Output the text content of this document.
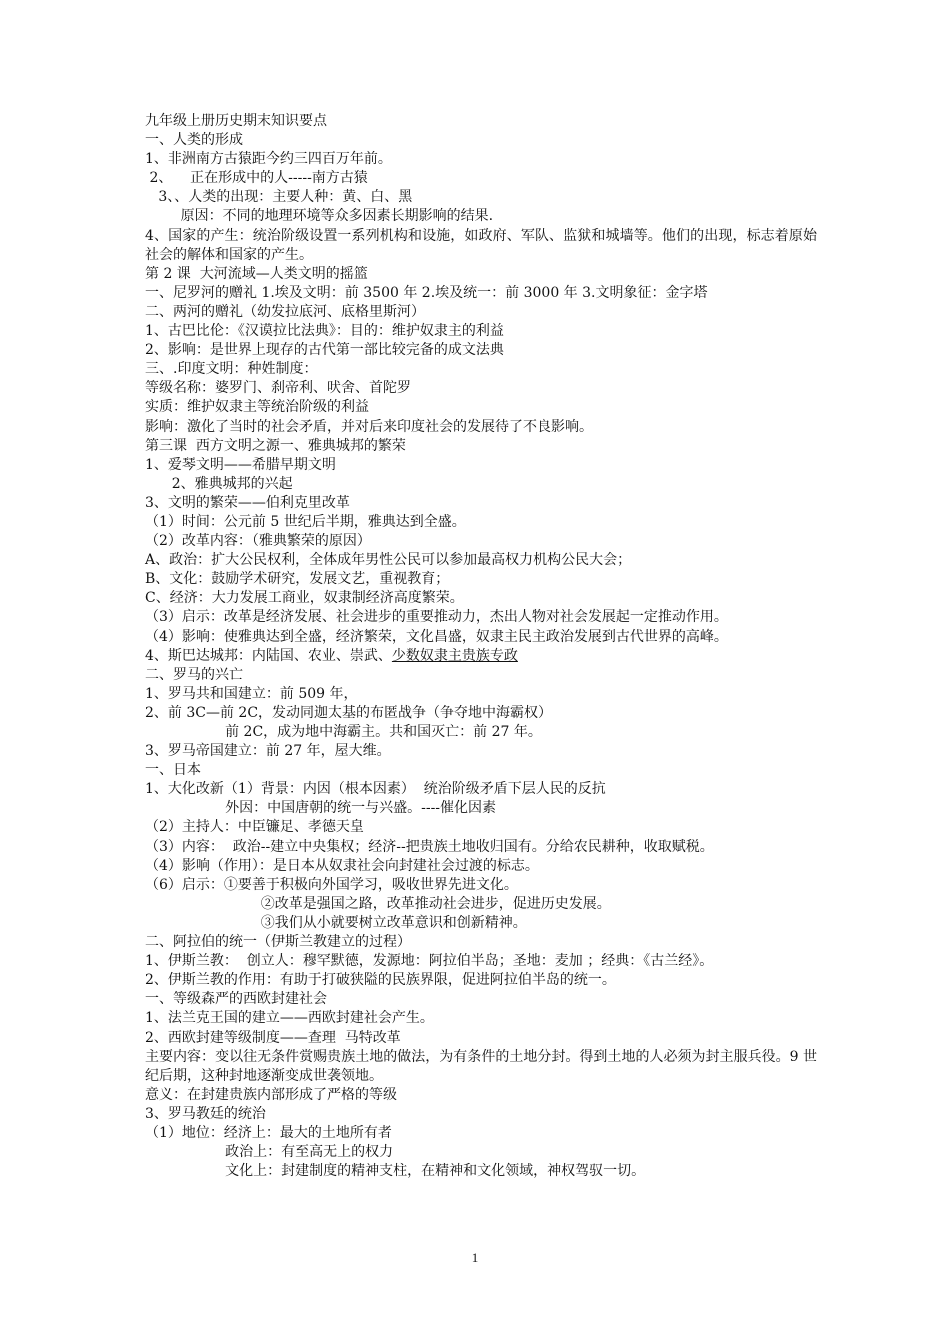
九年级上册历史期末知识要点
一、人类的形成
1、非洲南方古猿距今约三四百万年前。
2、    正在形成中的人-----南方古猿
3、、人类的出现：主要人种：黄、白、黑
原因：不同的地理环境等众多因素长期影响的结果.
4、国家的产生：统治阶级设置一系列机构和设施，如政府、军队、监狱和城墙等。他们的出现，标志着原始社会的解体和国家的产生。
第 2 课  大河流域—人类文明的摇篮
一、尼罗河的赠礼 1.埃及文明：前 3500 年 2.埃及统一：前 3000 年 3.文明象征：金字塔
二、两河的赠礼（幼发拉底河、底格里斯河）
1、古巴比伦：《汉谟拉比法典》：目的：维护奴隶主的利益
2、影响：是世界上现存的古代第一部比较完备的成文法典
三、.印度文明：种姓制度：
等级名称：婆罗门、刹帝利、吠舍、首陀罗
实质：维护奴隶主等统治阶级的利益
影响：激化了当时的社会矛盾，并对后来印度社会的发展待了不良影响。
第三课  西方文明之源一、雅典城邦的繁荣
1、爱琴文明——希腊早期文明
2、雅典城邦的兴起
3、文明的繁荣——伯利克里改革
（1）时间：公元前 5 世纪后半期，雅典达到全盛。
（2）改革内容：（雅典繁荣的原因）
A、政治：扩大公民权利，全体成年男性公民可以参加最高权力机构公民大会；
B、文化：鼓励学术研究，发展文艺，重视教育；
C、经济：大力发展工商业，奴隶制经济高度繁荣。
（3）启示：改革是经济发展、社会进步的重要推动力，杰出人物对社会发展起一定推动作用。
（4）影响：使雅典达到全盛，经济繁荣，文化昌盛，奴隶主民主政治发展到古代世界的高峰。
4、斯巴达城邦：内陆国、农业、崇武、少数奴隶主贵族专政
二、罗马的兴亡
1、罗马共和国建立：前 509 年，
2、前 3C—前 2C，发动同迦太基的布匿战争（争夺地中海霸权）
前 2C，成为地中海霸主。共和国灭亡：前 27 年。
3、罗马帝国建立：前 27 年，屋大维。
一、日本
1、大化改新（1）背景：内因（根本因素）  统治阶级矛盾下层人民的反抗
外因：中国唐朝的统一与兴盛。----催化因素
（2）主持人：中臣镰足、孝德天皇
（3）内容：  政治--建立中央集权；经济--把贵族土地收归国有。分给农民耕种，收取赋税。
（4）影响（作用）：是日本从奴隶社会向封建社会过渡的标志。
（6）启示：①要善于积极向外国学习，吸收世界先进文化。
②改革是强国之路，改革推动社会进步，促进历史发展。
③我们从小就要树立改革意识和创新精神。
二、阿拉伯的统一（伊斯兰教建立的过程）
1、伊斯兰教：  创立人：穆罕默德，发源地：阿拉伯半岛；圣地：麦加 ；经典：《古兰经》。
2、伊斯兰教的作用：有助于打破狭隘的民族界限，促进阿拉伯半岛的统一。
一、等级森严的西欧封建社会
1、法兰克王国的建立——西欧封建社会产生。
2、西欧封建等级制度——查理  马特改革
主要内容：变以往无条件赏赐贵族土地的做法，为有条件的土地分封。得到土地的人必须为封主服兵役。9 世纪后期，这种封地逐渐变成世袭领地。
意义：在封建贵族内部形成了严格的等级
3、罗马教廷的统治
（1）地位：经济上：最大的土地所有者
政治上：有至高无上的权力
文化上：封建制度的精神支柱，在精神和文化领域，神权驾驭一切。
1
